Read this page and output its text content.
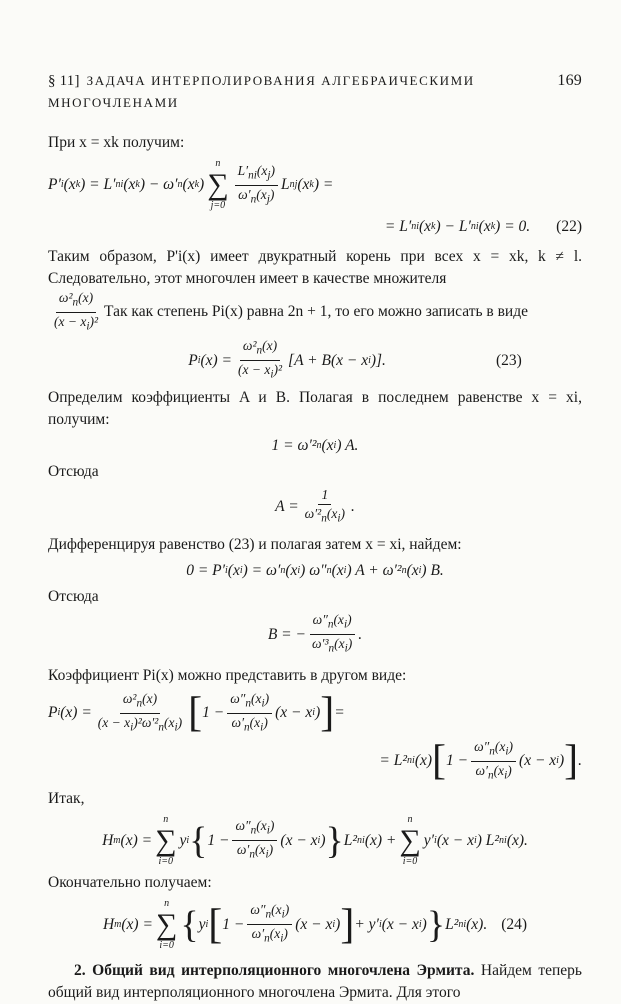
§ 11] ЗАДАЧА ИНТЕРПОЛИРОВАНИЯ АЛГЕБРАИЧЕСКИМИ МНОГОЧЛЕНАМИ
169

При x = xk получим:

P′ i (x k ) = L′ ni (x k ) − ω′ n (x k )
n
∑
$j=0 \frac{L'_{ni}(x_j)}{\omega'_n(x_j)}$ L nj (x k ) =
= L′ ni (x k ) − L′ ni (x k ) = 0. (22)

Таким образом, P'i(x) имеет двукратный корень при всех x = xk, k ≠ l. Следовательно, этот многочлен имеет в качестве множителя

$\frac{\omega^2_n(x)}{(x - x_i)^2}$ Так как степень Pi(x) равна 2n + 1, то его можно записать в виде

P i $(x) = \frac{\omega^2_n(x)}{(x - x_i)^2} [A + B(x - x$ i )].	(23)

Определим коэффициенты A и B. Полагая в последнем равенстве x = xi, получим:

1 = ω′² n (x i ) A.

Отсюда

$A = \frac{1}{\omega'^2_n(x_i)}$ .

Дифференцируя равенство (23) и полагая затем x = xi, найдем:

0 = P′ i (x i ) = ω′ n (x i ) ω″ n (x i ) A + ω′² n (x i ) B.

Отсюда

B = − $\frac{\omega''_n(x_i)}{\omega'^3_n(x_i)}$ .

Коэффициент Pi(x) можно представить в другом виде:

P i $(x) = \frac{\omega^2_n(x)}{(x - x_i)^2\omega'^2_n(x_i)}$ [ $1 - \frac{\omega''_n(x_i)}{\omega'_n(x_i)} (x - x$ i ) ] =
= L² ni (x) [ $1 - \frac{\omega''_n(x_i)}{\omega'_n(x_i)} (x - x$ i ) ] .

Итак,

H m (x) =
n
∑
i=0
y i { $1 - \frac{\omega''_n(x_i)}{\omega'_n(x_i)} (x - x$ i ) } L² ni (x) +
n
∑
i=0
y′ i (x − x i ) L² ni (x).

Окончательно получаем:

H m (x) =
n
∑
i=0 { y i [ $1 - \frac{\omega''_n(x_i)}{\omega'_n(x_i)} (x - x$ i ) ] + y′ i (x − x i ) } L² ni (x). (24)

2. Общий вид интерполяционного многочлена Эрмита. Найдем теперь общий вид интерполяционного многочлена Эрмита. Для этого
